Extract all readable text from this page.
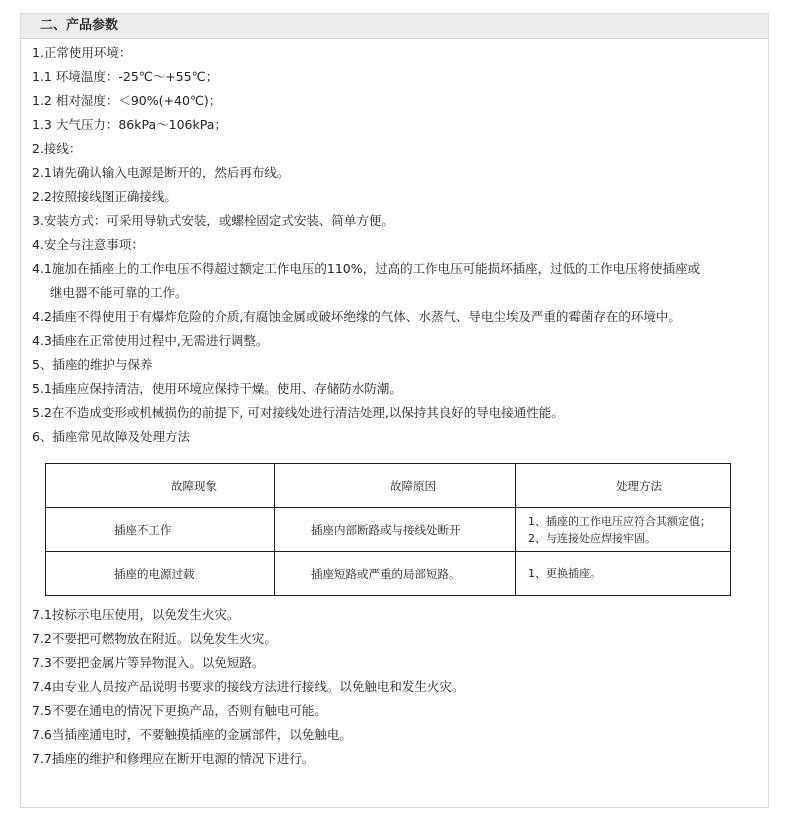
二、产品参数
1.正常使用环境：
1.1 环境温度：-25℃～+55℃；
1.2 相对湿度：＜90%(+40℃)；
1.3 大气压力：86kPa～106kPa；
2.接线：
2.1请先确认输入电源是断开的，然后再布线。
2.2按照接线图正确接线。
3.安装方式：可采用导轨式安装，或螺栓固定式安装、简单方便。
4.安全与注意事项：
4.1施加在插座上的工作电压不得超过额定工作电压的110%，过高的工作电压可能损坏插座，过低的工作电压将使插座或
继电器不能可靠的工作。
4.2插座不得使用于有爆炸危险的介质,有腐蚀金属或破坏绝缘的气体、水蒸气、导电尘埃及严重的霉菌存在的环境中。
4.3插座在正常使用过程中,无需进行调整。
5、插座的维护与保养
5.1插座应保持清洁，使用环境应保持干燥。使用、存储防水防潮。
5.2在不造成变形或机械损伤的前提下, 可对接线处进行清洁处理,以保持其良好的导电接通性能。
6、插座常见故障及处理方法
故障现象	故障原因	处理方法

插座不工作	插座内部断路或与接线处断开	1、插座的工作电压应符合其额定值；
2、与连接处应焊接牢固。

插座的电源过载	插座短路或严重的局部短路。	1、更换插座。
7.1按标示电压使用，以免发生火灾。
7.2不要把可燃物放在附近。以免发生火灾。
7.3不要把金属片等异物混入。以免短路。
7.4由专业人员按产品说明书要求的接线方法进行接线。以免触电和发生火灾。
7.5不要在通电的情况下更换产品，否则有触电可能。
7.6当插座通电时，不要触摸插座的金属部件，以免触电。
7.7插座的维护和修理应在断开电源的情况下进行。
